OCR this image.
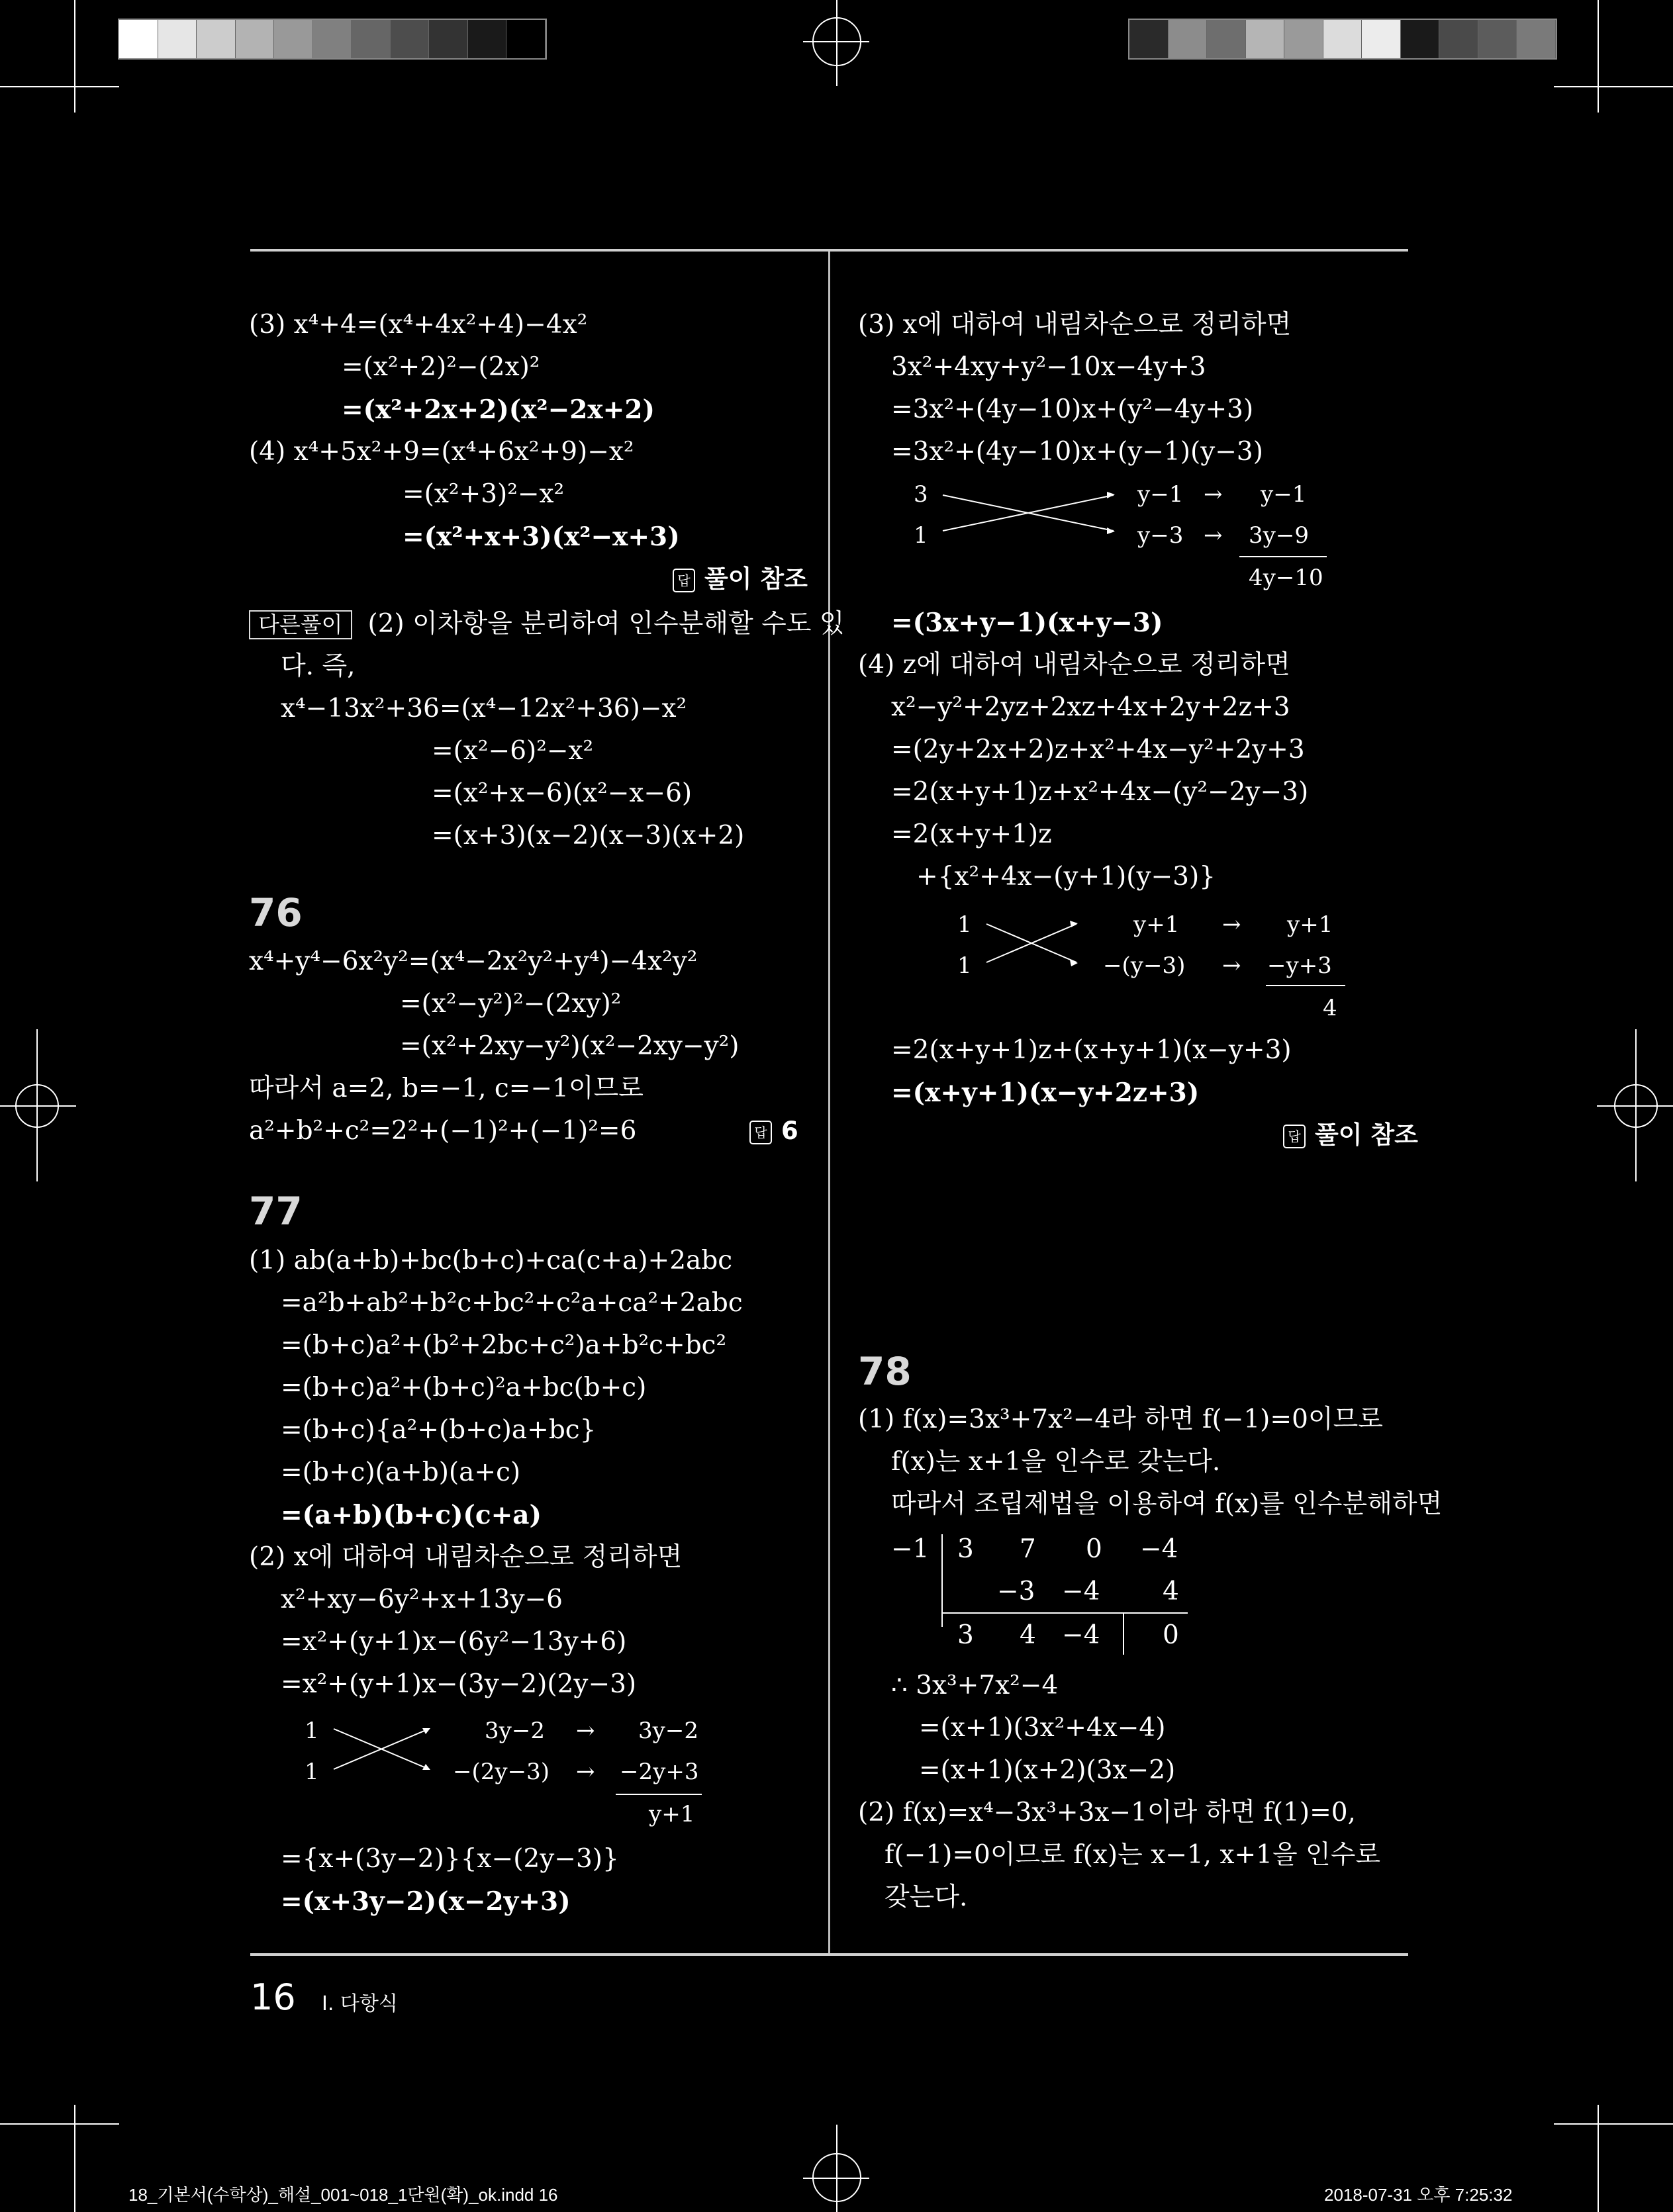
(3) x⁴+4=(x⁴+4x²+4)−4x²
=(x²+2)²−(2x)²
=(x²+2x+2)(x²−2x+2)
(4) x⁴+5x²+9=(x⁴+6x²+9)−x²
=(x²+3)²−x²
=(x²+x+3)(x²−x+3)
답 풀이 참조
다른풀이 (2) 이차항을 분리하여 인수분해할 수도 있
다. 즉,
x⁴−13x²+36=(x⁴−12x²+36)−x²
=(x²−6)²−x²
=(x²+x−6)(x²−x−6)
=(x+3)(x−2)(x−3)(x+2)
76
x⁴+y⁴−6x²y²=(x⁴−2x²y²+y⁴)−4x²y²
=(x²−y²)²−(2xy)²
=(x²+2xy−y²)(x²−2xy−y²)
따라서 a=2, b=−1, c=−1이므로
a²+b²+c²=2²+(−1)²+(−1)²=6	답 6
77
(1) ab(a+b)+bc(b+c)+ca(c+a)+2abc
=a²b+ab²+b²c+bc²+c²a+ca²+2abc
=(b+c)a²+(b²+2bc+c²)a+b²c+bc²
=(b+c)a²+(b+c)²a+bc(b+c)
=(b+c){a²+(b+c)a+bc}
=(b+c)(a+b)(a+c)
=(a+b)(b+c)(c+a)
(2) x에 대하여 내림차순으로 정리하면
x²+xy−6y²+x+13y−6
=x²+(y+1)x−(6y²−13y+6)
=x²+(y+1)x−(3y−2)(2y−3)
1
1
3y−2
−(2y−3)
→
→
3y−2
−2y+3
y+1
={x+(3y−2)}{x−(2y−3)}
=(x+3y−2)(x−2y+3)
(3) x에 대하여 내림차순으로 정리하면
3x²+4xy+y²−10x−4y+3
=3x²+(4y−10)x+(y²−4y+3)
=3x²+(4y−10)x+(y−1)(y−3)
3
1
y−1
y−3
→
→
y−1
3y−9
4y−10
=(3x+y−1)(x+y−3)
(4) z에 대하여 내림차순으로 정리하면
x²−y²+2yz+2xz+4x+2y+2z+3
=(2y+2x+2)z+x²+4x−y²+2y+3
=2(x+y+1)z+x²+4x−(y²−2y−3)
=2(x+y+1)z
+{x²+4x−(y+1)(y−3)}
1
1
y+1
−(y−3)
→
→
y+1
−y+3
4
=2(x+y+1)z+(x+y+1)(x−y+3)
=(x+y+1)(x−y+2z+3)
답 풀이 참조
78
(1) f(x)=3x³+7x²−4라 하면 f(−1)=0이므로
f(x)는 x+1을 인수로 갖는다.
따라서 조립제법을 이용하여 f(x)를 인수분해하면
−1 3 7 0 −4
−3 −4 4
3 4 −4 0
∴ 3x³+7x²−4
=(x+1)(3x²+4x−4)
=(x+1)(x+2)(3x−2)
(2) f(x)=x⁴−3x³+3x−1이라 하면 f(1)=0,
f(−1)=0이므로 f(x)는 x−1, x+1을 인수로
갖는다.
16 Ⅰ. 다항식
18_기본서(수학상)_해설_001~018_1단원(확)_ok.indd 16	2018-07-31 오후 7:25:32
